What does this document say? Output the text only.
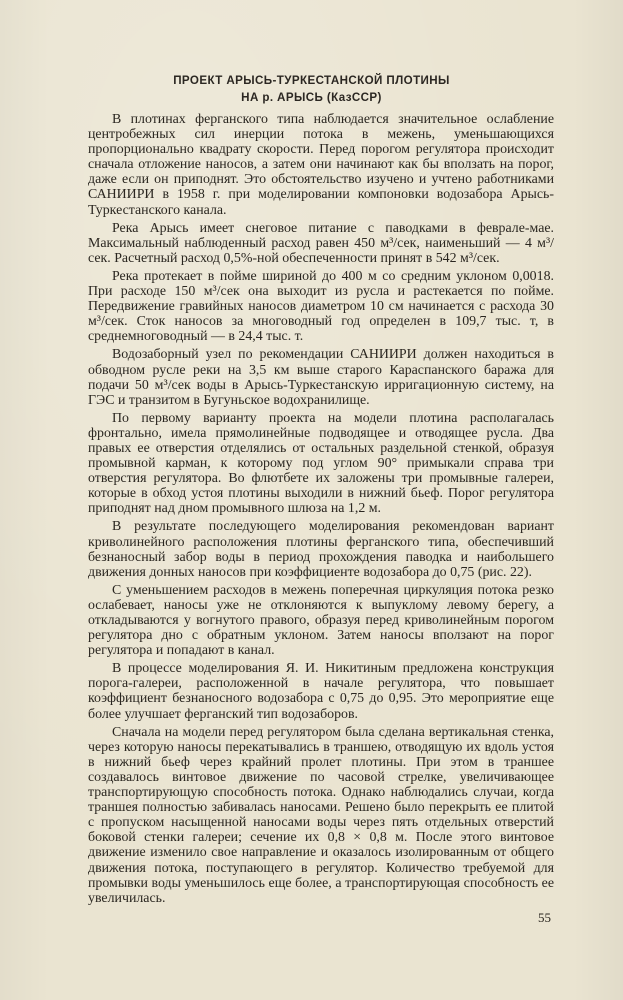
ПРОЕКТ АРЫСЬ-ТУРКЕСТАНСКОЙ ПЛОТИНЫ
НА р. АРЫСЬ (КазССР)

В плотинах ферганского типа наблюдается значительное ослабление центробежных сил инерции потока в межень, уменьшающихся пропорционально квадрату скорости. Перед порогом регулятора происходит сначала отложение наносов, а затем они начинают как бы вползать на порог, даже если он приподнят. Это обстоятельство изучено и учтено работниками САНИИРИ в 1958 г. при моделировании компоновки водозабора Арысь-Туркестанского канала.

Река Арысь имеет снеговое питание с паводками в феврале-мае. Максимальный наблюденный расход равен 450 м³/сек, наименьший — 4 м³/сек. Расчетный расход 0,5%-ной обеспеченности принят в 542 м³/сек.

Река протекает в пойме шириной до 400 м со средним уклоном 0,0018. При расходе 150 м³/сек она выходит из русла и растекается по пойме. Передвижение гравийных наносов диаметром 10 см начинается с расхода 30 м³/сек. Сток наносов за многоводный год определен в 109,7 тыс. т, в среднемноговодный — в 24,4 тыс. т.

Водозаборный узел по рекомендации САНИИРИ должен находиться в обводном русле реки на 3,5 км выше старого Карaспанского баража для подачи 50 м³/сек воды в Арысь-Туркестанскую ирригационную систему, на ГЭС и транзитом в Бугуньское водохранилище.

По первому варианту проекта на модели плотина располагалась фронтально, имела прямолинейные подводящее и отводящее русла. Два правых ее отверстия отделялись от остальных раздельной стенкой, образуя промывной карман, к которому под углом 90° примыкали справа три отверстия регулятора. Во флютбете их заложены три промывные галереи, которые в обход устоя плотины выходили в нижний бьеф. Порог регулятора приподнят над дном промывного шлюза на 1,2 м.

В результате последующего моделирования рекомендован вариант криволинейного расположения плотины ферганского типа, обеспечивший безнаносный забор воды в период прохождения паводка и наибольшего движения донных наносов при коэффициенте водозабора до 0,75 (рис. 22).

С уменьшением расходов в межень поперечная циркуляция потока резко ослабевает, наносы уже не отклоняются к выпуклому левому берегу, а откладываются у вогнутого правого, образуя перед криволинейным порогом регулятора дно с обратным уклоном. Затем наносы вползают на порог регулятора и попадают в канал.

В процессе моделирования Я. И. Никитиным предложена конструкция порога-галереи, расположенной в начале регулятора, что повышает коэффициент безнаносного водозабора с 0,75 до 0,95. Это мероприятие еще более улучшает ферганский тип водозаборов.

Сначала на модели перед регулятором была сделана вертикальная стенка, через которую наносы перекатывались в траншею, отводящую их вдоль устоя в нижний бьеф через крайний пролет плотины. При этом в траншее создавалось винтовое движение по часовой стрелке, увеличивающее транспортирующую способность потока. Однако наблюдались случаи, когда траншея полностью забивалась наносами. Решено было перекрыть ее плитой с пропуском насыщенной наносами воды через пять отдельных отверстий боковой стенки галереи; сечение их 0,8 × 0,8 м. После этого винтовое движение изменило свое направление и оказалось изолированным от общего движения потока, поступающего в регулятор. Количество требуемой для промывки воды уменьшилось еще более, а транспортирующая способность ее увеличилась.

55
